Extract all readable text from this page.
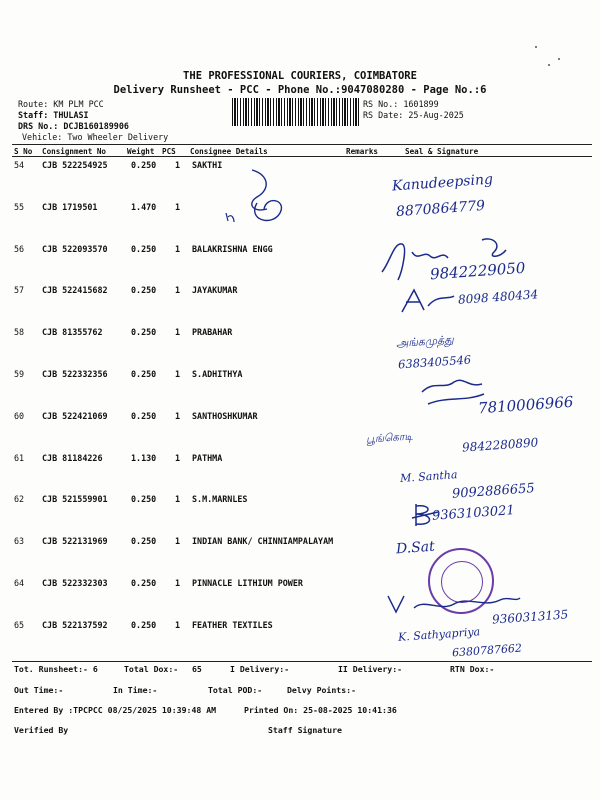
THE PROFESSIONAL COURIERS, COIMBATORE
Delivery Runsheet - PCC - Phone No.:9047080280 - Page No.:6
Route: KM PLM PCC
Staff: THULASI
DRS No.: DCJB160189906
Vehicle: Two Wheeler Delivery
RS No.: 1601899
RS Date: 25-Aug-2025
S No Consignment No	Weight PCS Consignee Details	Remarks	Seal & Signature
54 CJB 522254925	0.250 1 SAKTHI
55 CJB 1719501	1.470 1
56 CJB 522093570	0.250 1 BALAKRISHNA ENGG
57 CJB 522415682	0.250 1 JAYAKUMAR
58 CJB 81355762	0.250 1 PRABAHAR
59 CJB 522332356	0.250 1 S.ADHITHYA
60 CJB 522421069	0.250 1 SANTHOSHKUMAR
61 CJB 81184226	1.130 1 PATHMA
62 CJB 521559901	0.250 1 S.M.MARNLES
63 CJB 522131969	0.250 1 INDIAN BANK/ CHINNIAMPALAYAM
64 CJB 522332303	0.250 1 PINNACLE LITHIUM POWER
65 CJB 522137592	0.250 1 FEATHER TEXTILES
Kanudeepsing
8870864779
9842229050
8098 480434
அங்கமுத்து
6383405546
7810006966
பூங்கொடி	9842280890
M. Santha
9092886655
9363103021
D.Sat
9360313135
K. Sathyapriya
6380787662
Tot. Runsheet:- 6	Total Dox:- 65	I Delivery:-	II Delivery:-	RTN Dox:-
Out Time:-	In Time:-	Total POD:-	Delvy Points:-
Entered By :TPCPCC 08/25/2025 10:39:48 AM	Printed On: 25-08-2025 10:41:36
Verified By	Staff Signature
